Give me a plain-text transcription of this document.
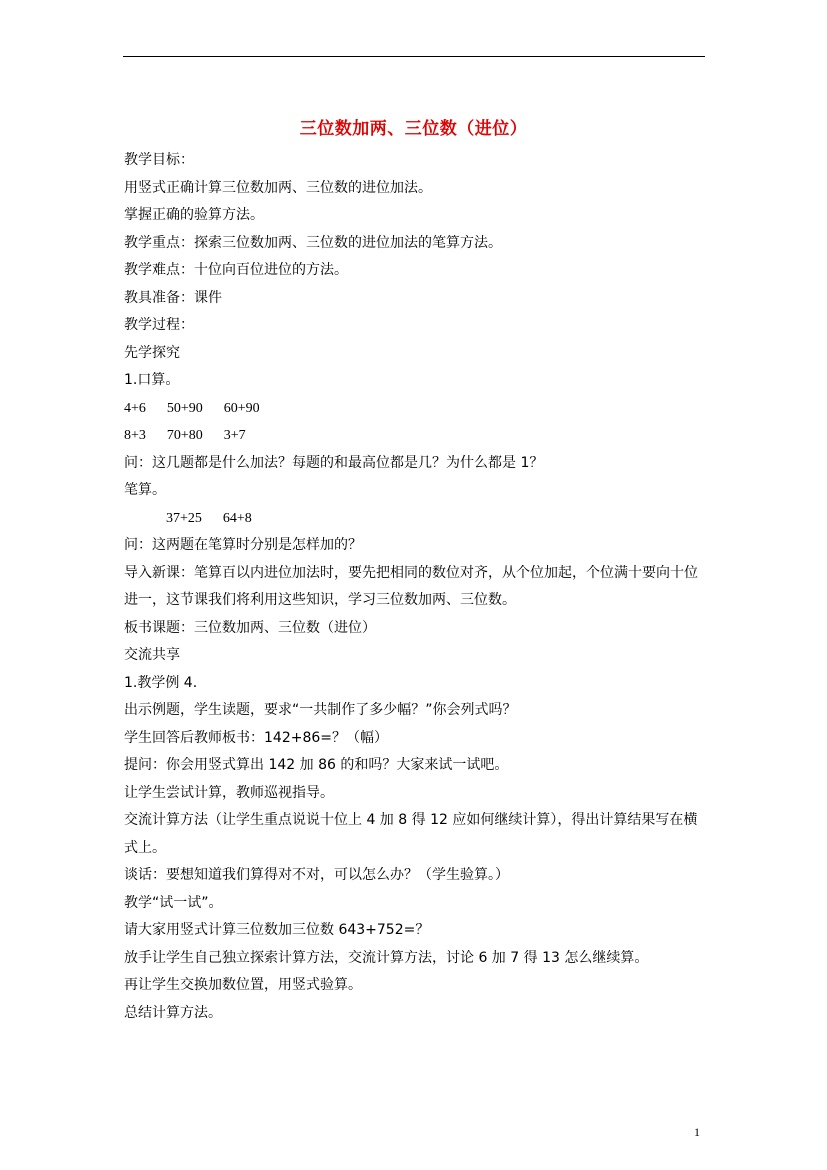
三位数加两、三位数（进位）
教学目标：
用竖式正确计算三位数加两、三位数的进位加法。
掌握正确的验算方法。
教学重点：探索三位数加两、三位数的进位加法的笔算方法。
教学难点：十位向百位进位的方法。
教具准备：课件
教学过程：
先学探究
1.口算。
4+6      50+90      60+90
8+3      70+80      3+7
问：这几题都是什么加法？每题的和最高位都是几？为什么都是 1？
笔算。
37+25      64+8
问：这两题在笔算时分别是怎样加的？
导入新课：笔算百以内进位加法时，要先把相同的数位对齐，从个位加起，个位满十要向十位进一，这节课我们将利用这些知识，学习三位数加两、三位数。
板书课题：三位数加两、三位数（进位）
交流共享
1.教学例 4.
出示例题，学生读题，要求“一共制作了多少幅？”你会列式吗？
学生回答后教师板书：142+86=？（幅）
提问：你会用竖式算出 142 加 86 的和吗？大家来试一试吧。
让学生尝试计算，教师巡视指导。
交流计算方法（让学生重点说说十位上 4 加 8 得 12 应如何继续计算），得出计算结果写在横式上。
谈话：要想知道我们算得对不对，可以怎么办？（学生验算。）
教学“试一试”。
请大家用竖式计算三位数加三位数 643+752=？
放手让学生自己独立探索计算方法，交流计算方法，讨论 6 加 7 得 13 怎么继续算。
再让学生交换加数位置，用竖式验算。
总结计算方法。
1
